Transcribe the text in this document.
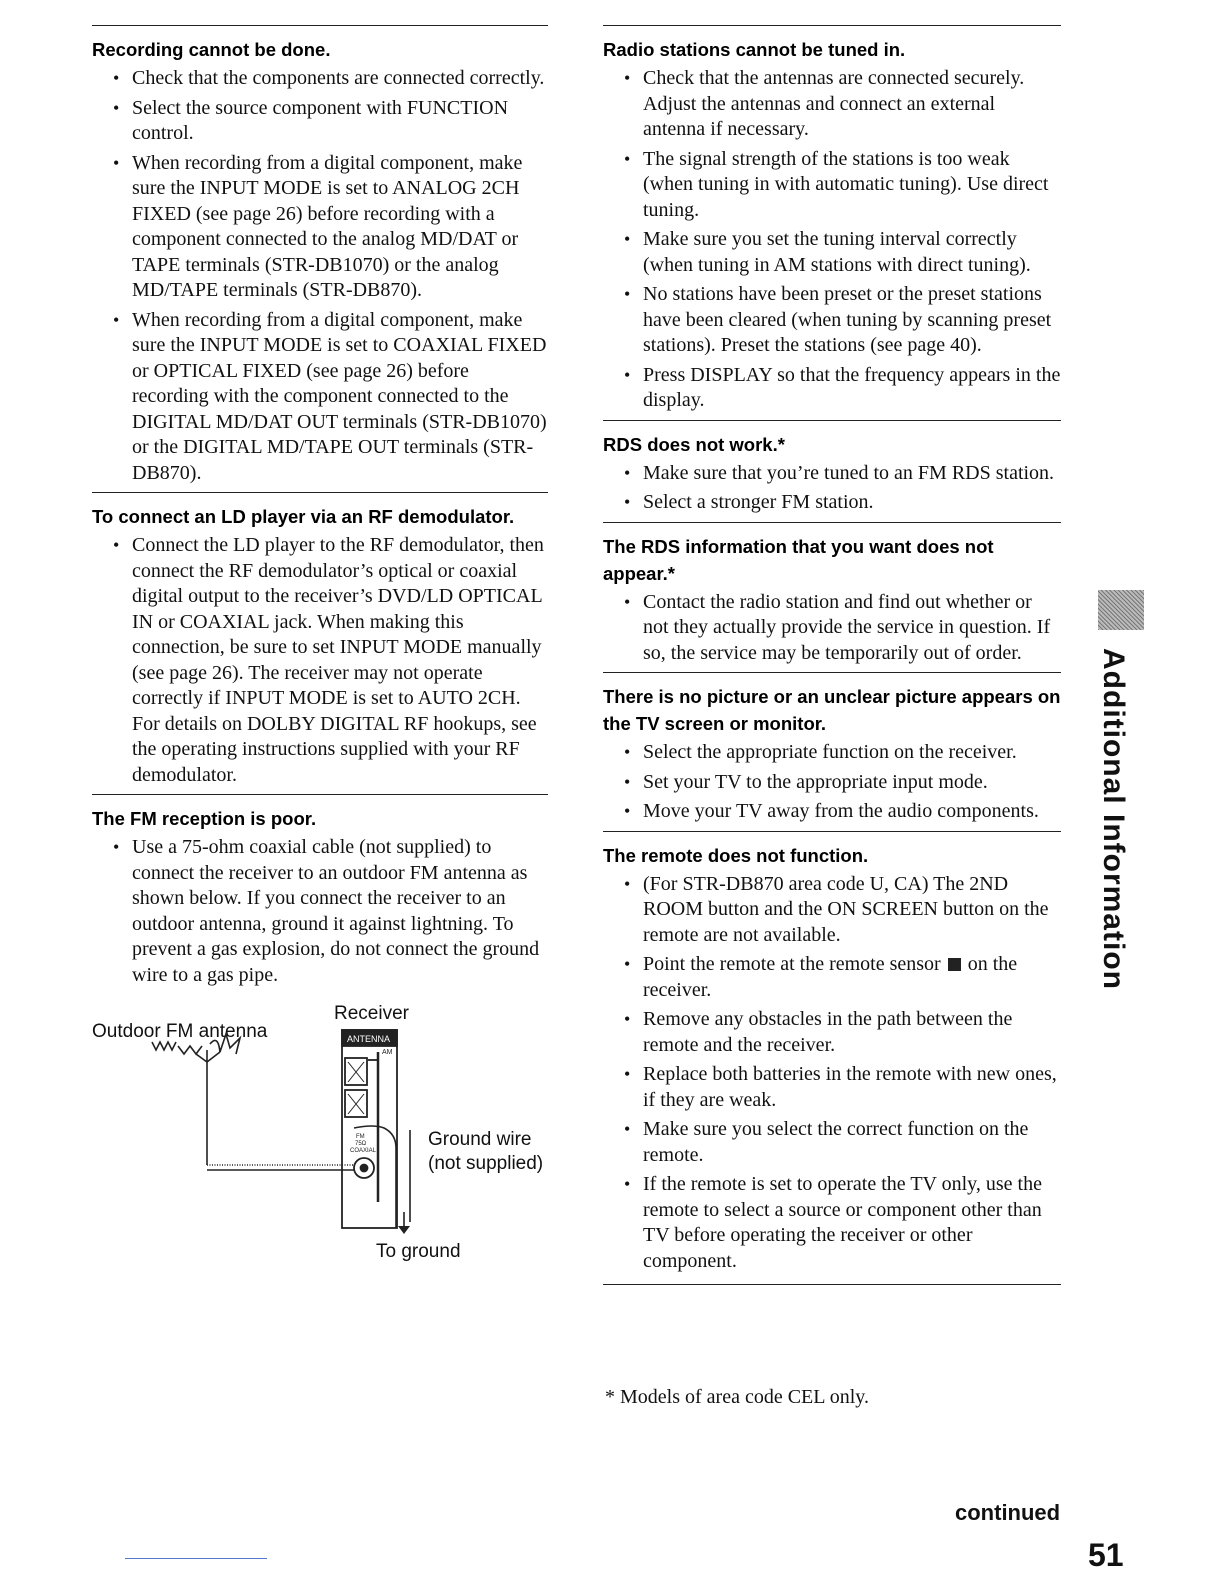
Recording cannot be done.
• Check that the components are connected correctly.
• Select the source component with FUNCTION control.
• When recording from a digital component, make sure the INPUT MODE is set to ANALOG 2CH FIXED (see page 26) before recording with a component connected to the analog MD/DAT or TAPE terminals (STR-DB1070) or the analog MD/TAPE terminals (STR-DB870).
• When recording from a digital component, make sure the INPUT MODE is set to COAXIAL FIXED or OPTICAL FIXED (see page 26) before recording with the component connected to the DIGITAL MD/DAT OUT terminals (STR-DB1070) or the DIGITAL MD/TAPE OUT terminals (STR-DB870).
To connect an LD player via an RF demodulator.
• Connect the LD player to the RF demodulator, then connect the RF demodulator’s optical or coaxial digital output to the receiver’s DVD/LD OPTICAL IN or COAXIAL jack. When making this connection, be sure to set INPUT MODE manually (see page 26). The receiver may not operate correctly if INPUT MODE is set to AUTO 2CH.
For details on DOLBY DIGITAL RF hookups, see the operating instructions supplied with your RF demodulator.
The FM reception is poor.
• Use a 75-ohm coaxial cable (not supplied) to connect the receiver to an outdoor FM antenna as shown below. If you connect the receiver to an outdoor antenna, ground it against lightning. To prevent a gas explosion, do not connect the ground wire to a gas pipe.
Receiver
Outdoor FM antenna
Ground wire
(not supplied)
To ground
ANTENNA
AM
FM
75Ω
COAXIAL
Radio stations cannot be tuned in.
• Check that the antennas are connected securely. Adjust the antennas and connect an external antenna if necessary.
• The signal strength of the stations is too weak (when tuning in with automatic tuning). Use direct tuning.
• Make sure you set the tuning interval correctly (when tuning in AM stations with direct tuning).
• No stations have been preset or the preset stations have been cleared (when tuning by scanning preset stations). Preset the stations (see page 40).
• Press DISPLAY so that the frequency appears in the display.
RDS does not work.*
• Make sure that you’re tuned to an FM RDS station.
• Select a stronger FM station.
The RDS information that you want does not appear.*
• Contact the radio station and find out whether or not they actually provide the service in question. If so, the service may be temporarily out of order.
There is no picture or an unclear picture appears on the TV screen or monitor.
• Select the appropriate function on the receiver.
• Set your TV to the appropriate input mode.
• Move your TV away from the audio components.
The remote does not function.
• (For STR-DB870 area code U, CA) The 2ND ROOM button and the ON SCREEN button on the remote are not available.
• Point the remote at the remote sensor on the receiver.
• Remove any obstacles in the path between the remote and the receiver.
• Replace both batteries in the remote with new ones, if they are weak.
• Make sure you select the correct function on the remote.
• If the remote is set to operate the TV only, use the remote to select a source or component other than TV before operating the receiver or other component.
* Models of area code CEL only.
Additional Information
continued
51
